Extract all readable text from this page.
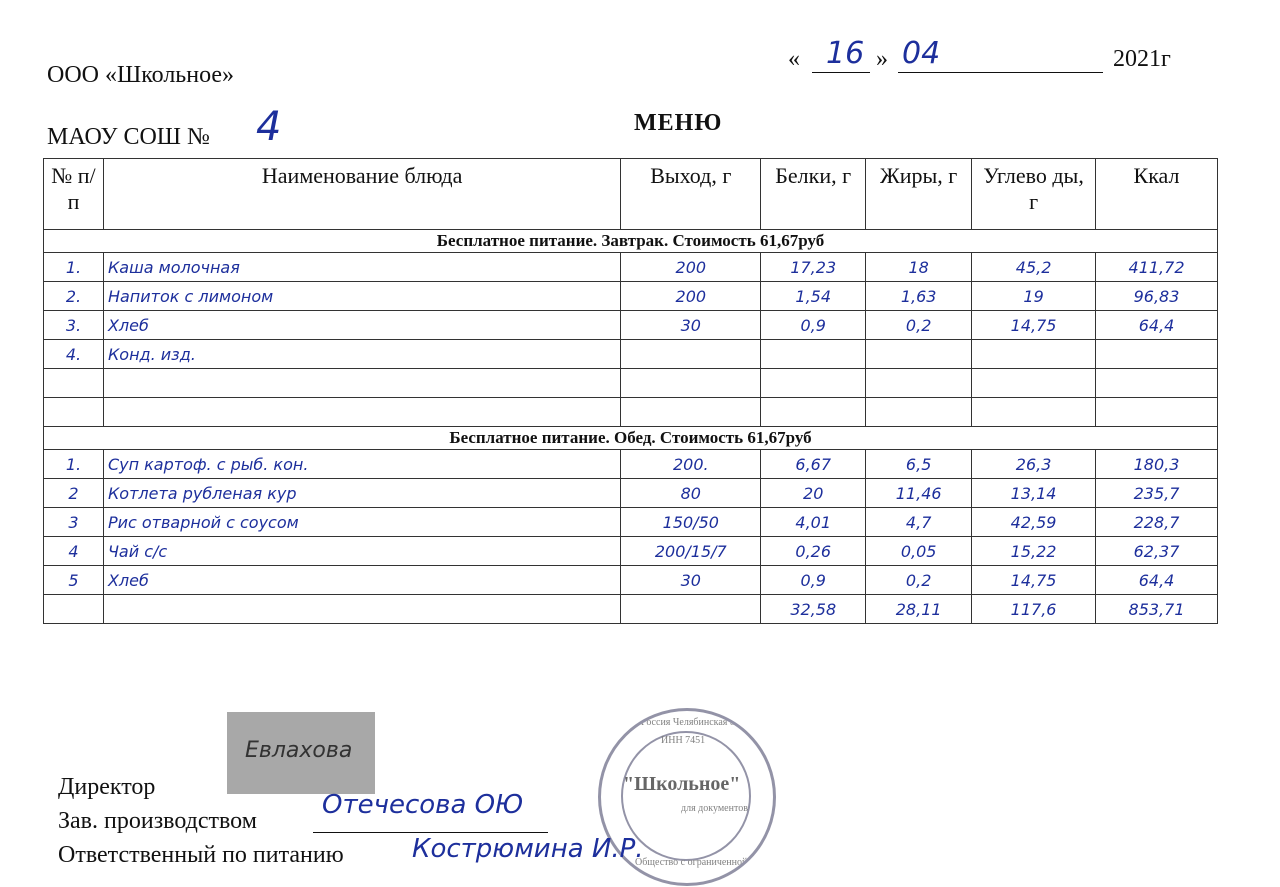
ООО «Школьное»
МАОУ СОШ № 4
« 16 » 04	2021г
МЕНЮ
№ п/п	Наименование блюда	Выход, г	Белки, г	Жиры, г	Углево ды, г	Ккал
Бесплатное питание. Завтрак. Стоимость 61,67руб						
1.	Кашa молочная	200	17,23	18	45,2	411,72
2.	Напиток с лимоном	200	1,54	1,63	19	96,83
3.	Хлеб	30	0,9	0,2	14,75	64,4
4.	Конд. изд.					

Бесплатное питание. Обед. Стоимость 61,67руб						
1.	Суп картоф. с рыб. кон.	200.	6,67	6,5	26,3	180,3
2	Котлета рубленая кур	80	20	11,46	13,14	235,7
3	Рис отварной с соусом	150/50	4,01	4,7	42,59	228,7
4	Чай с/с	200/15/7	0,26	0,05	15,22	62,37
5	Хлеб	30	0,9	0,2	14,75	64,4
			32,58	28,11	117,6	853,71
Евлахова
Россия Челябинская обл.
ИНН 7451
"Школьное"
для документов
Общество с ограниченной
Директор
Зав. производством
Отечесова ОЮ
Ответственный по питанию	Кострюмина И.Р.
